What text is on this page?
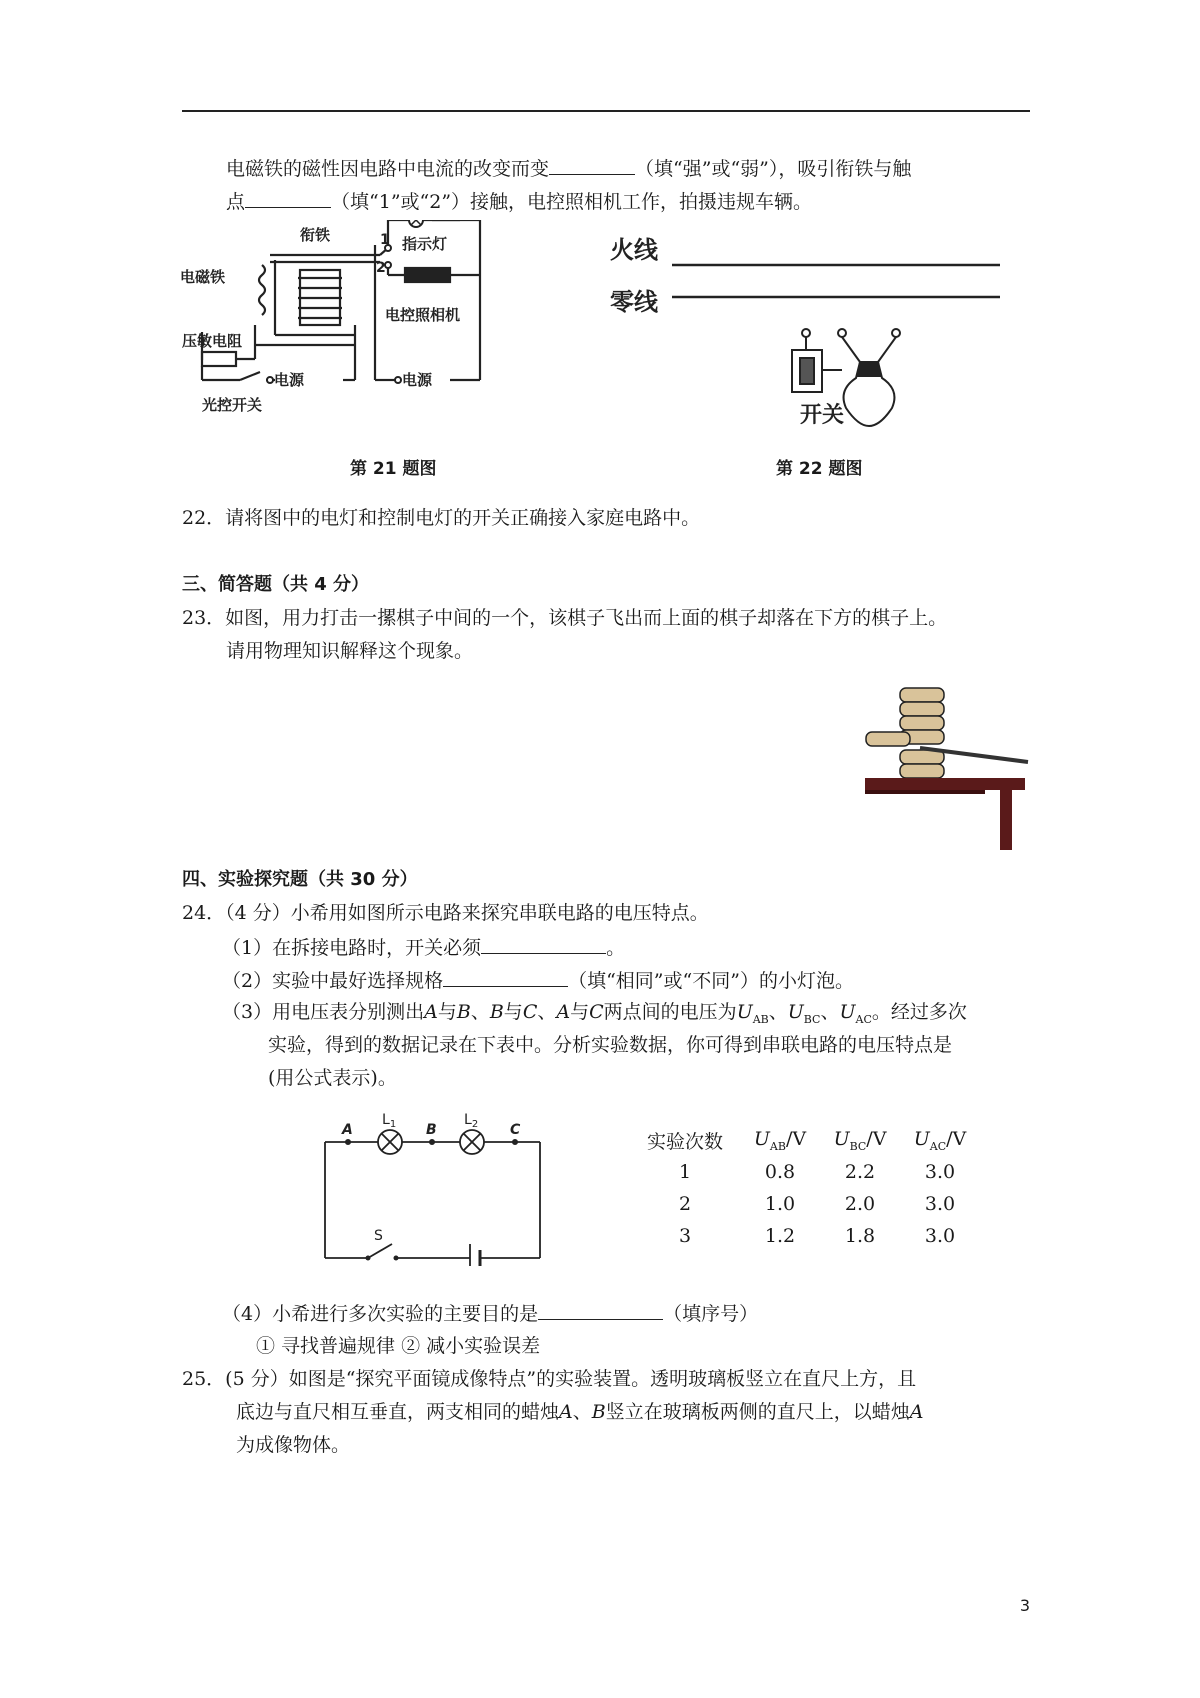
电磁铁的磁性因电路中电流的改变而变	（填“强”或“弱”），吸引衔铁与触
点	（填“1”或“2”）接触，电控照相机工作，拍摄违规车辆。
衔铁
电磁铁
指示灯
1
2
电控照相机
压敏电阻
电源	电源
光控开关
火线
零线
开关
第 21 题图	第 22 题图
22．请将图中的电灯和控制电灯的开关正确接入家庭电路中。
三、简答题（共 4 分）
23．如图，用力打击一摞棋子中间的一个，该棋子飞出而上面的棋子却落在下方的棋子上。
请用物理知识解释这个现象。
四、实验探究题（共 30 分）
24．（4 分）小希用如图所示电路来探究串联电路的电压特点。
（1）在拆接电路时，开关必须	。
（2）实验中最好选择规格	（填“相同”或“不同”）的小灯泡。
（3）用电压表分别测出A与B、B与C、A与C两点间的电压为$U_{AB}$、$U_{BC}$、$U_{AC}$。经过多次
实验，得到的数据记录在下表中。分析实验数据，你可得到串联电路的电压特点是
(用公式表示)。
A	B	C
$L_1$	$L_2$
S
实验次数	$U_{AB}/V$	$U_{BC}/V$	$U_{AC}/V$
1	0.8	2.2	3.0
2	1.0	2.0	3.0
3	1.2	1.8	3.0
（4）小希进行多次实验的主要目的是	（填序号）
① 寻找普遍规律 ② 减小实验误差
25．(5 分）如图是“探究平面镜成像特点”的实验装置。透明玻璃板竖立在直尺上方，且
底边与直尺相互垂直，两支相同的蜡烛A、B竖立在玻璃板两侧的直尺上，以蜡烛A
为成像物体。
3
